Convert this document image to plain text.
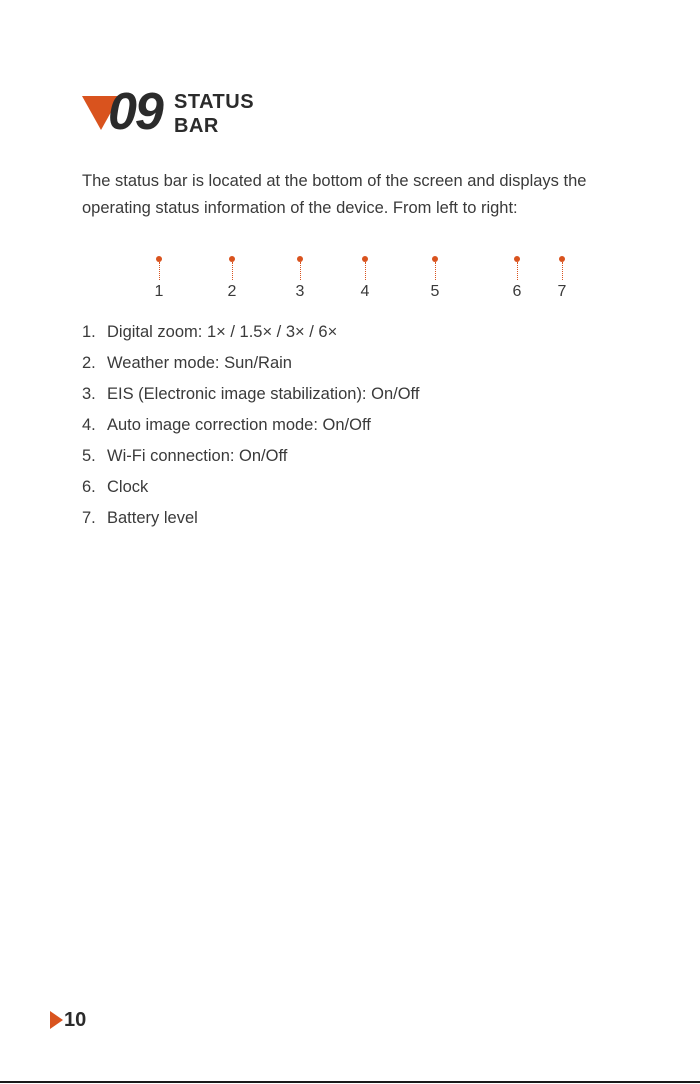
09 STATUS
BAR

The status bar is located at the bottom of the screen and displays the operating status information of the device. From left to right:

1	2	3	4	5	6	7
1. Digital zoom: 1× / 1.5× / 3× / 6×
2. Weather mode: Sun/Rain
3. EIS (Electronic image stabilization): On/Off
4. Auto image correction mode: On/Off
5. Wi-Fi connection: On/Off
6. Clock
7. Battery level
10
